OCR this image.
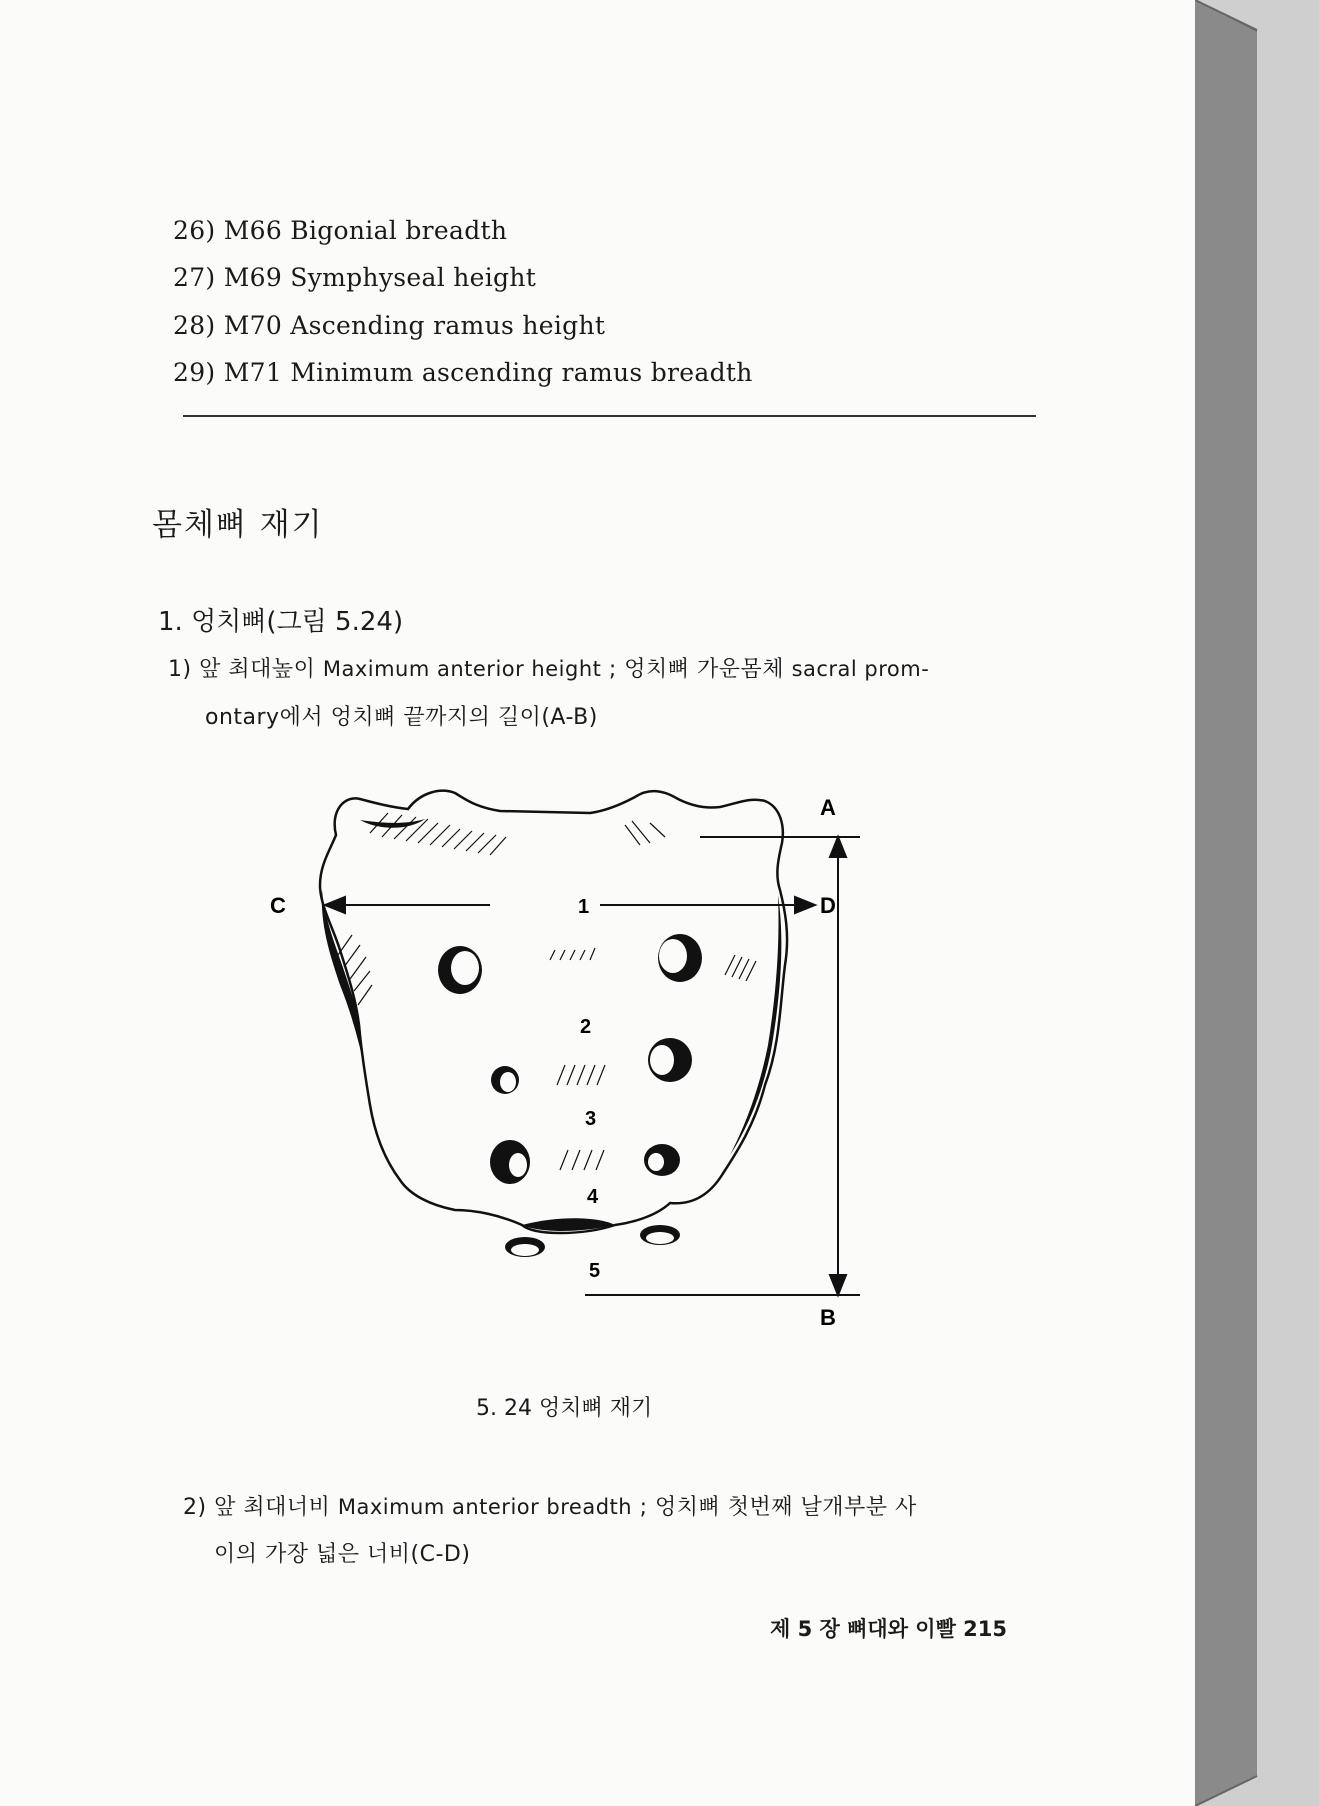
26) M66 Bigonial breadth
27) M69 Symphyseal height
28) M70 Ascending ramus height
29) M71 Minimum ascending ramus breadth
몸체뼈 재기
1. 엉치뼈(그림 5.24)
1) 앞 최대높이 Maximum anterior height ; 엉치뼈 가운몸체 sacral prom-
ontary에서 엉치뼈 끝까지의 길이(A-B)
A
B
C	D
1
2
3
4
5
5. 24 엉치뼈 재기
2) 앞 최대너비 Maximum anterior breadth ; 엉치뼈 첫번째 날개부분 사
이의 가장 넓은 너비(C-D)
제 5 장 뼈대와 이빨 215
